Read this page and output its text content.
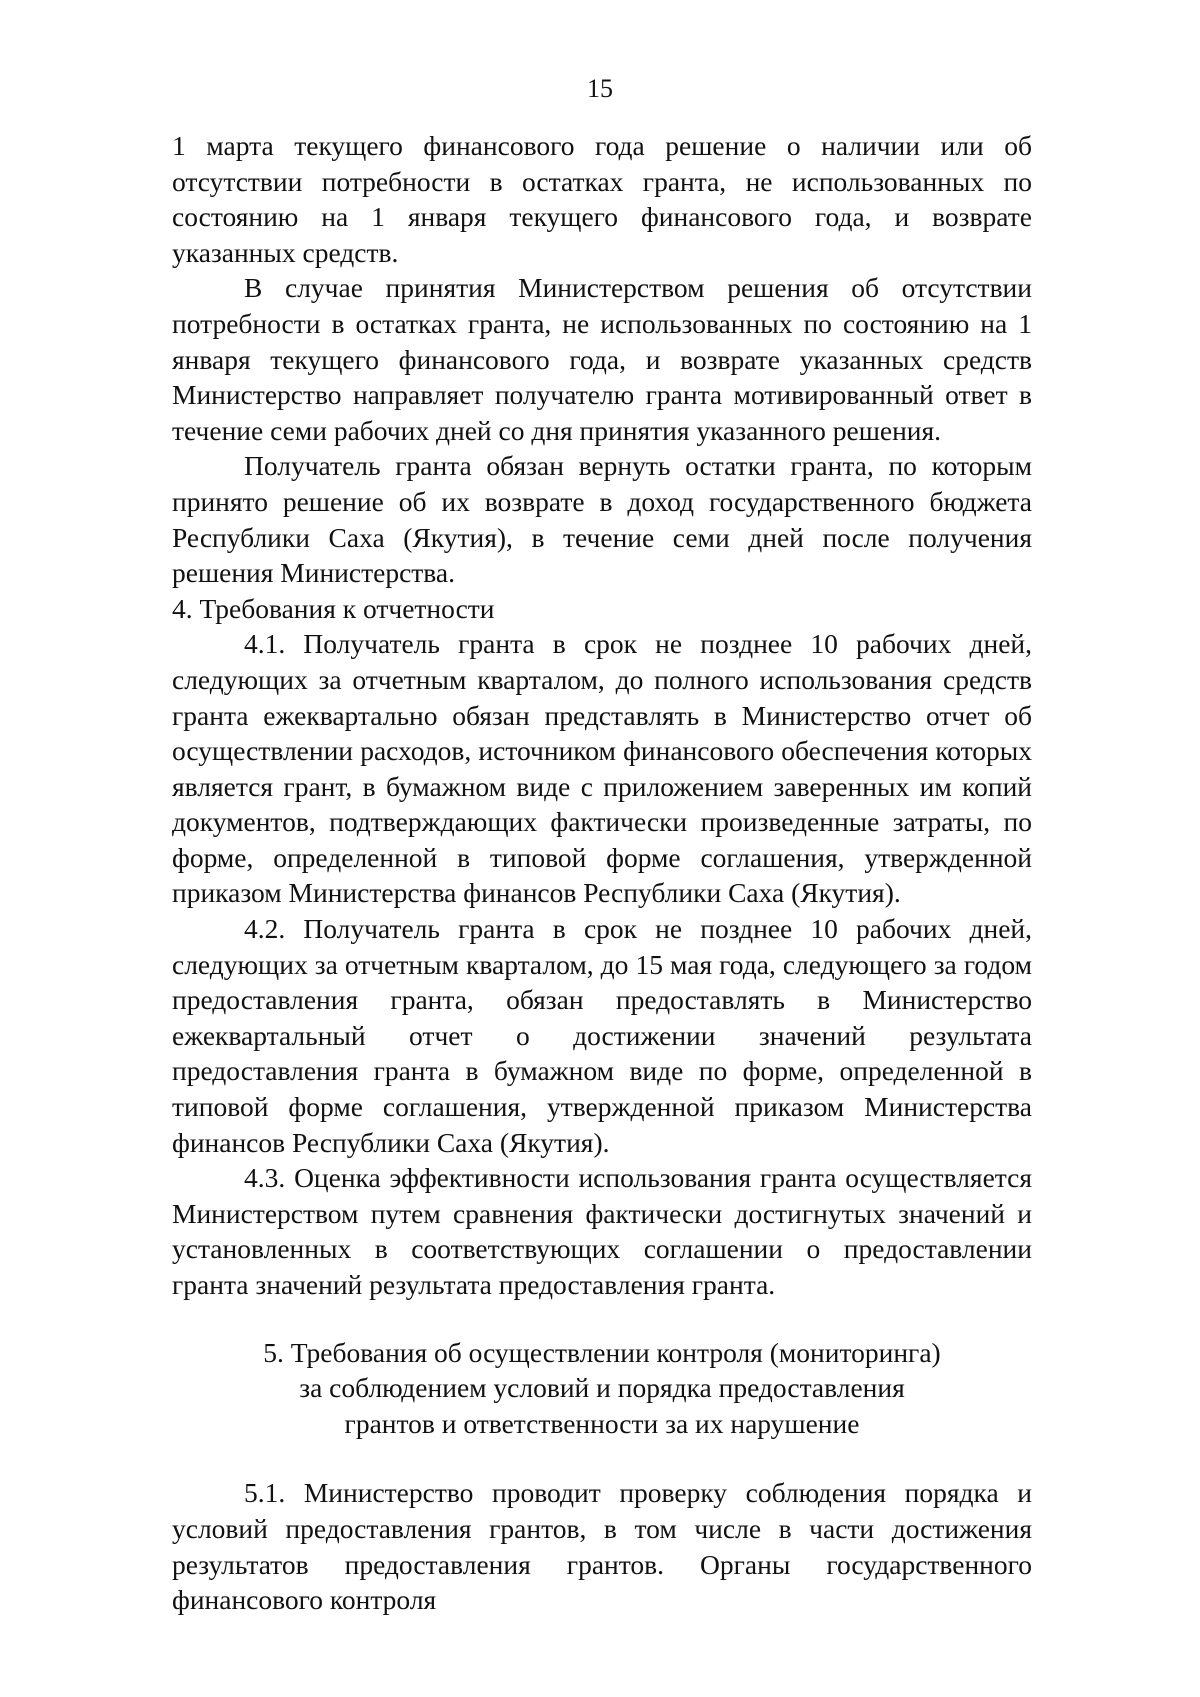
15

1 марта текущего финансового года решение о наличии или об отсутствии потребности в остатках гранта, не использованных по состоянию на 1 января текущего финансового года, и возврате указанных средств.

В случае принятия Министерством решения об отсутствии потребности в остатках гранта, не использованных по состоянию на 1 января текущего финансового года, и возврате указанных средств Министерство направляет получателю гранта мотивированный ответ в течение семи рабочих дней со дня принятия указанного решения.

Получатель гранта обязан вернуть остатки гранта, по которым принято решение об их возврате в доход государственного бюджета Республики Саха (Якутия), в течение семи дней после получения решения Министерства.

4. Требования к отчетности

4.1. Получатель гранта в срок не позднее 10 рабочих дней, следующих за отчетным кварталом, до полного использования средств гранта ежеквартально обязан представлять в Министерство отчет об осуществлении расходов, источником финансового обеспечения которых является грант, в бумажном виде с приложением заверенных им копий документов, подтверждающих фактически произведенные затраты, по форме, определенной в типовой форме соглашения, утвержденной приказом Министерства финансов Республики Саха (Якутия).

4.2. Получатель гранта в срок не позднее 10 рабочих дней, следующих за отчетным кварталом, до 15 мая года, следующего за годом предоставления гранта, обязан предоставлять в Министерство ежеквартальный отчет о достижении значений результата предоставления гранта в бумажном виде по форме, определенной в типовой форме соглашения, утвержденной приказом Министерства финансов Республики Саха (Якутия).

4.3. Оценка эффективности использования гранта осуществляется Министерством путем сравнения фактически достигнутых значений и установленных в соответствующих соглашении о предоставлении гранта значений результата предоставления гранта.

5. Требования об осуществлении контроля (мониторинга)
за соблюдением условий и порядка предоставления
грантов и ответственности за их нарушение

5.1. Министерство проводит проверку соблюдения порядка и условий предоставления грантов, в том числе в части достижения результатов предоставления грантов. Органы государственного финансового контроля
